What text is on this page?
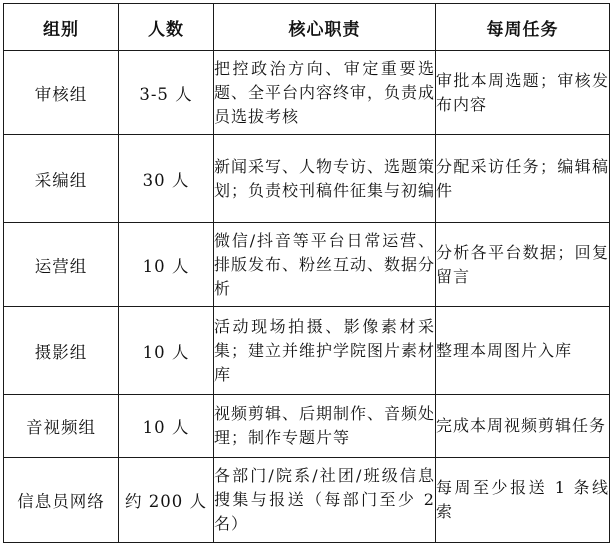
组别	人数	核心职责	每周任务
审核组	3-5 人	把控政治方向、审定重要选题、全平台内容终审，负责成员选拔考核	审批本周选题；审核发布内容
采编组	30 人	新闻采写、人物专访、选题策划；负责校刊稿件征集与初编	分配采访任务；编辑稿件
运营组	10 人	微信/抖音等平台日常运营、排版发布、粉丝互动、数据分析	分析各平台数据；回复留言
摄影组	10 人	活动现场拍摄、影像素材采集；建立并维护学院图片素材库	整理本周图片入库
音视频组	10 人	视频剪辑、后期制作、音频处理；制作专题片等	完成本周视频剪辑任务
信息员网络	约 200 人	各部门/院系/社团/班级信息搜集与报送（每部门至少 2 名）	每周至少报送 1 条线索
